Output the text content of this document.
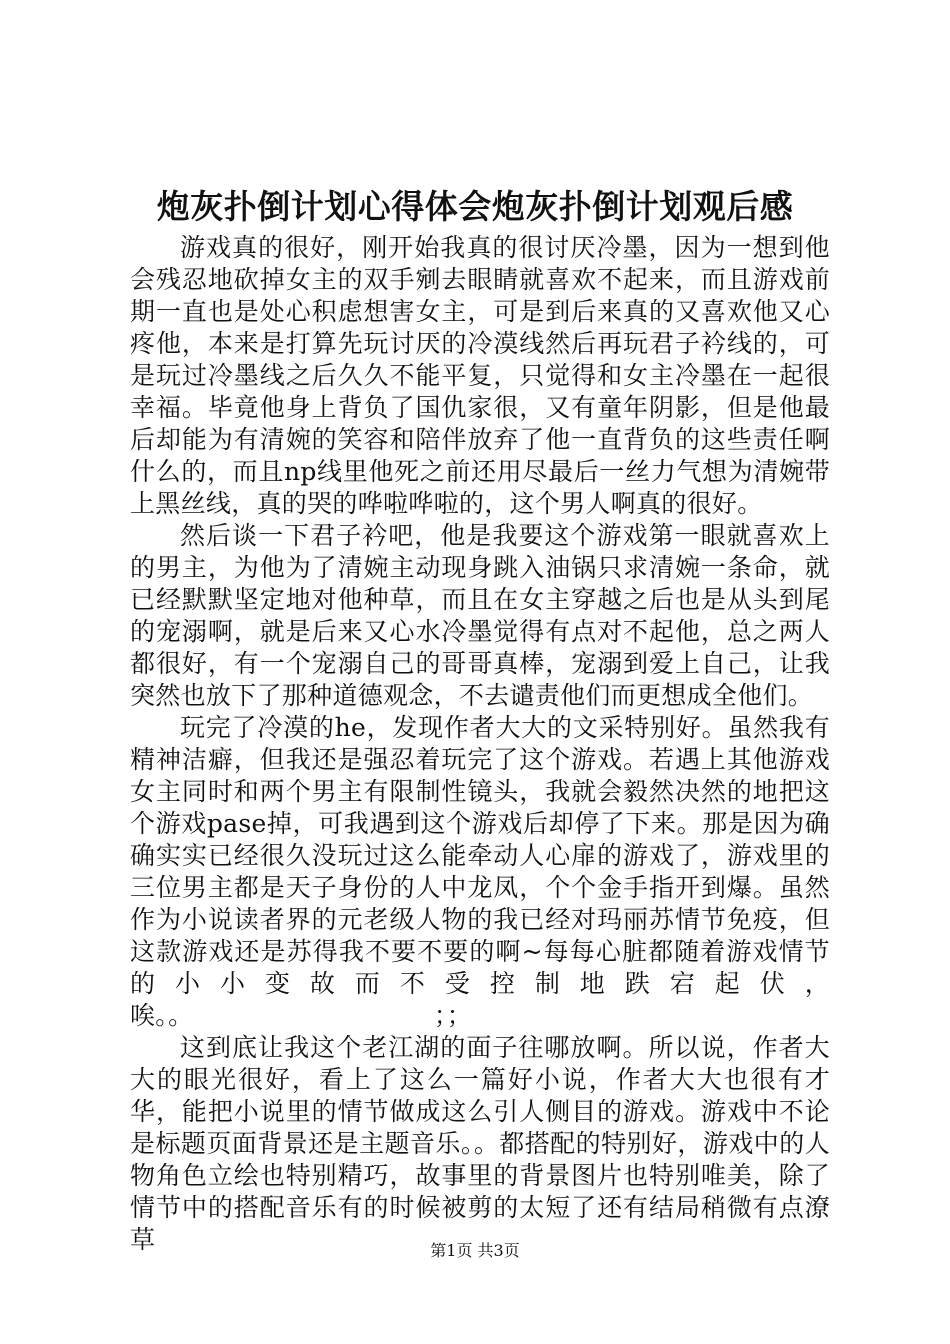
炮灰扑倒计划心得体会炮灰扑倒计划观后感

游戏真的很好，刚开始我真的很讨厌冷墨，因为一想到他会残忍地砍掉女主的双手剜去眼睛就喜欢不起来，而且游戏前期一直也是处心积虑想害女主，可是到后来真的又喜欢他又心疼他，本来是打算先玩讨厌的冷漠线然后再玩君子衿线的，可是玩过冷墨线之后久久不能平复，只觉得和女主冷墨在一起很幸福。毕竟他身上背负了国仇家很，又有童年阴影，但是他最后却能为有清婉的笑容和陪伴放弃了他一直背负的这些责任啊什么的，而且np线里他死之前还用尽最后一丝力气想为清婉带上黑丝线，真的哭的哗啦哗啦的，这个男人啊真的很好。

然后谈一下君子衿吧，他是我要这个游戏第一眼就喜欢上的男主，为他为了清婉主动现身跳入油锅只求清婉一条命，就已经默默坚定地对他种草，而且在女主穿越之后也是从头到尾的宠溺啊，就是后来又心水冷墨觉得有点对不起他，总之两人都很好，有一个宠溺自己的哥哥真棒，宠溺到爱上自己，让我突然也放下了那种道德观念，不去谴责他们而更想成全他们。

玩完了冷漠的he，发现作者大大的文采特别好。虽然我有精神洁癖，但我还是强忍着玩完了这个游戏。若遇上其他游戏女主同时和两个男主有限制性镜头，我就会毅然决然的地把这个游戏pase掉，可我遇到这个游戏后却停了下来。那是因为确确实实已经很久没玩过这么能牵动人心扉的游戏了，游戏里的三位男主都是天子身份的人中龙凤，个个金手指开到爆。虽然作为小说读者界的元老级人物的我已经对玛丽苏情节免疫，但这款游戏还是苏得我不要不要的啊~每每心脏都随着游戏情节的小小变故而不受控制地跌宕起伏，唉。。　　　　　　　　　　；；

这到底让我这个老江湖的面子往哪放啊。所以说，作者大大的眼光很好，看上了这么一篇好小说，作者大大也很有才华，能把小说里的情节做成这么引人侧目的游戏。游戏中不论是标题页面背景还是主题音乐。。都搭配的特别好，游戏中的人物角色立绘也特别精巧，故事里的背景图片也特别唯美，除了情节中的搭配音乐有的时候被剪的太短了还有结局稍微有点潦草	第1页 共3页
